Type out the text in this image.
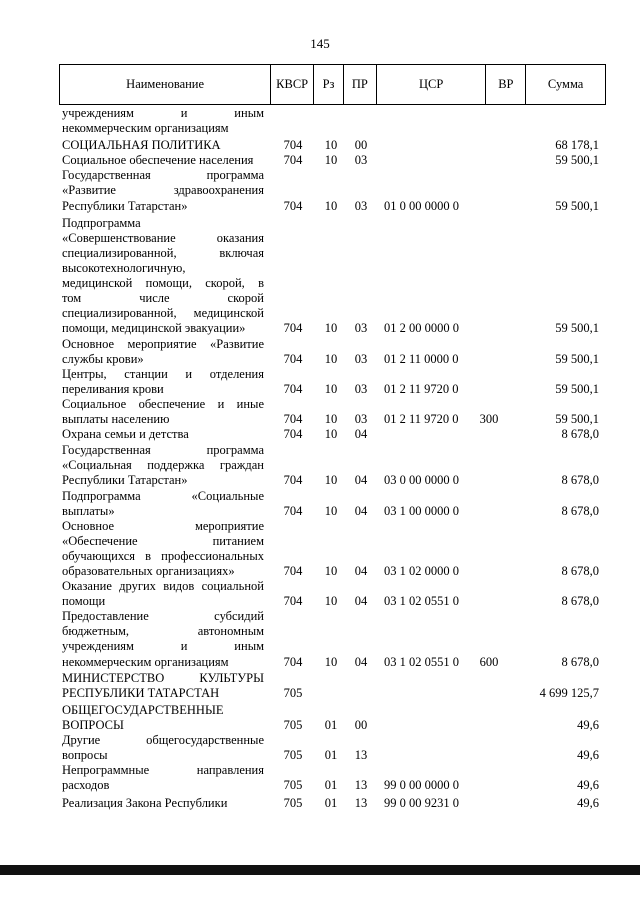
145
Наименование	КВСР	Рз	ПР	ЦСР	ВР	Сумма
учреждениям и иным
некоммерческим организациям
СОЦИАЛЬНАЯ ПОЛИТИКА	704 10	00	68 178,1
Социальное обеспечение населения	704 10	03	59 500,1
Государственная программа
«Развитие здравоохранения
Республики Татарстан»	704 10	03	01 0 00 0000 0	59 500,1
Подпрограмма
«Совершенствование оказания
специализированной, включая
высокотехнологичную,
медицинской помощи, скорой, в
том числе скорой
специализированной, медицинской
помощи, медицинской эвакуации»	704 10	03	01 2 00 0000 0	59 500,1
Основное мероприятие «Развитие
службы крови»	704 10	03	01 2 11 0000 0	59 500,1
Центры, станции и отделения
переливания крови	704 10	03	01 2 11 9720 0	59 500,1
Социальное обеспечение и иные
выплаты населению	704 10	03	01 2 11 9720 0	300	59 500,1
Охрана семьи и детства	704 10	04	8 678,0
Государственная программа
«Социальная поддержка граждан
Республики Татарстан»	704 10	04	03 0 00 0000 0	8 678,0
Подпрограмма «Социальные
выплаты»	704 10	04	03 1 00 0000 0	8 678,0
Основное мероприятие
«Обеспечение питанием
обучающихся в профессиональных
образовательных организациях»	704 10	04	03 1 02 0000 0	8 678,0
Оказание других видов социальной
помощи	704 10	04	03 1 02 0551 0	8 678,0
Предоставление субсидий
бюджетным, автономным
учреждениям и иным
некоммерческим организациям	704 10	04	03 1 02 0551 0	600	8 678,0
МИНИСТЕРСТВО КУЛЬТУРЫ
РЕСПУБЛИКИ ТАТАРСТАН	705	4 699 125,7
ОБЩЕГОСУДАРСТВЕННЫЕ
ВОПРОСЫ	705 01	00	49,6
Другие общегосударственные
вопросы	705 01	13	49,6
Непрограммные направления
расходов	705 01	13	99 0 00 0000 0	49,6
Реализация Закона Республики	705 01	13	99 0 00 9231 0	49,6
